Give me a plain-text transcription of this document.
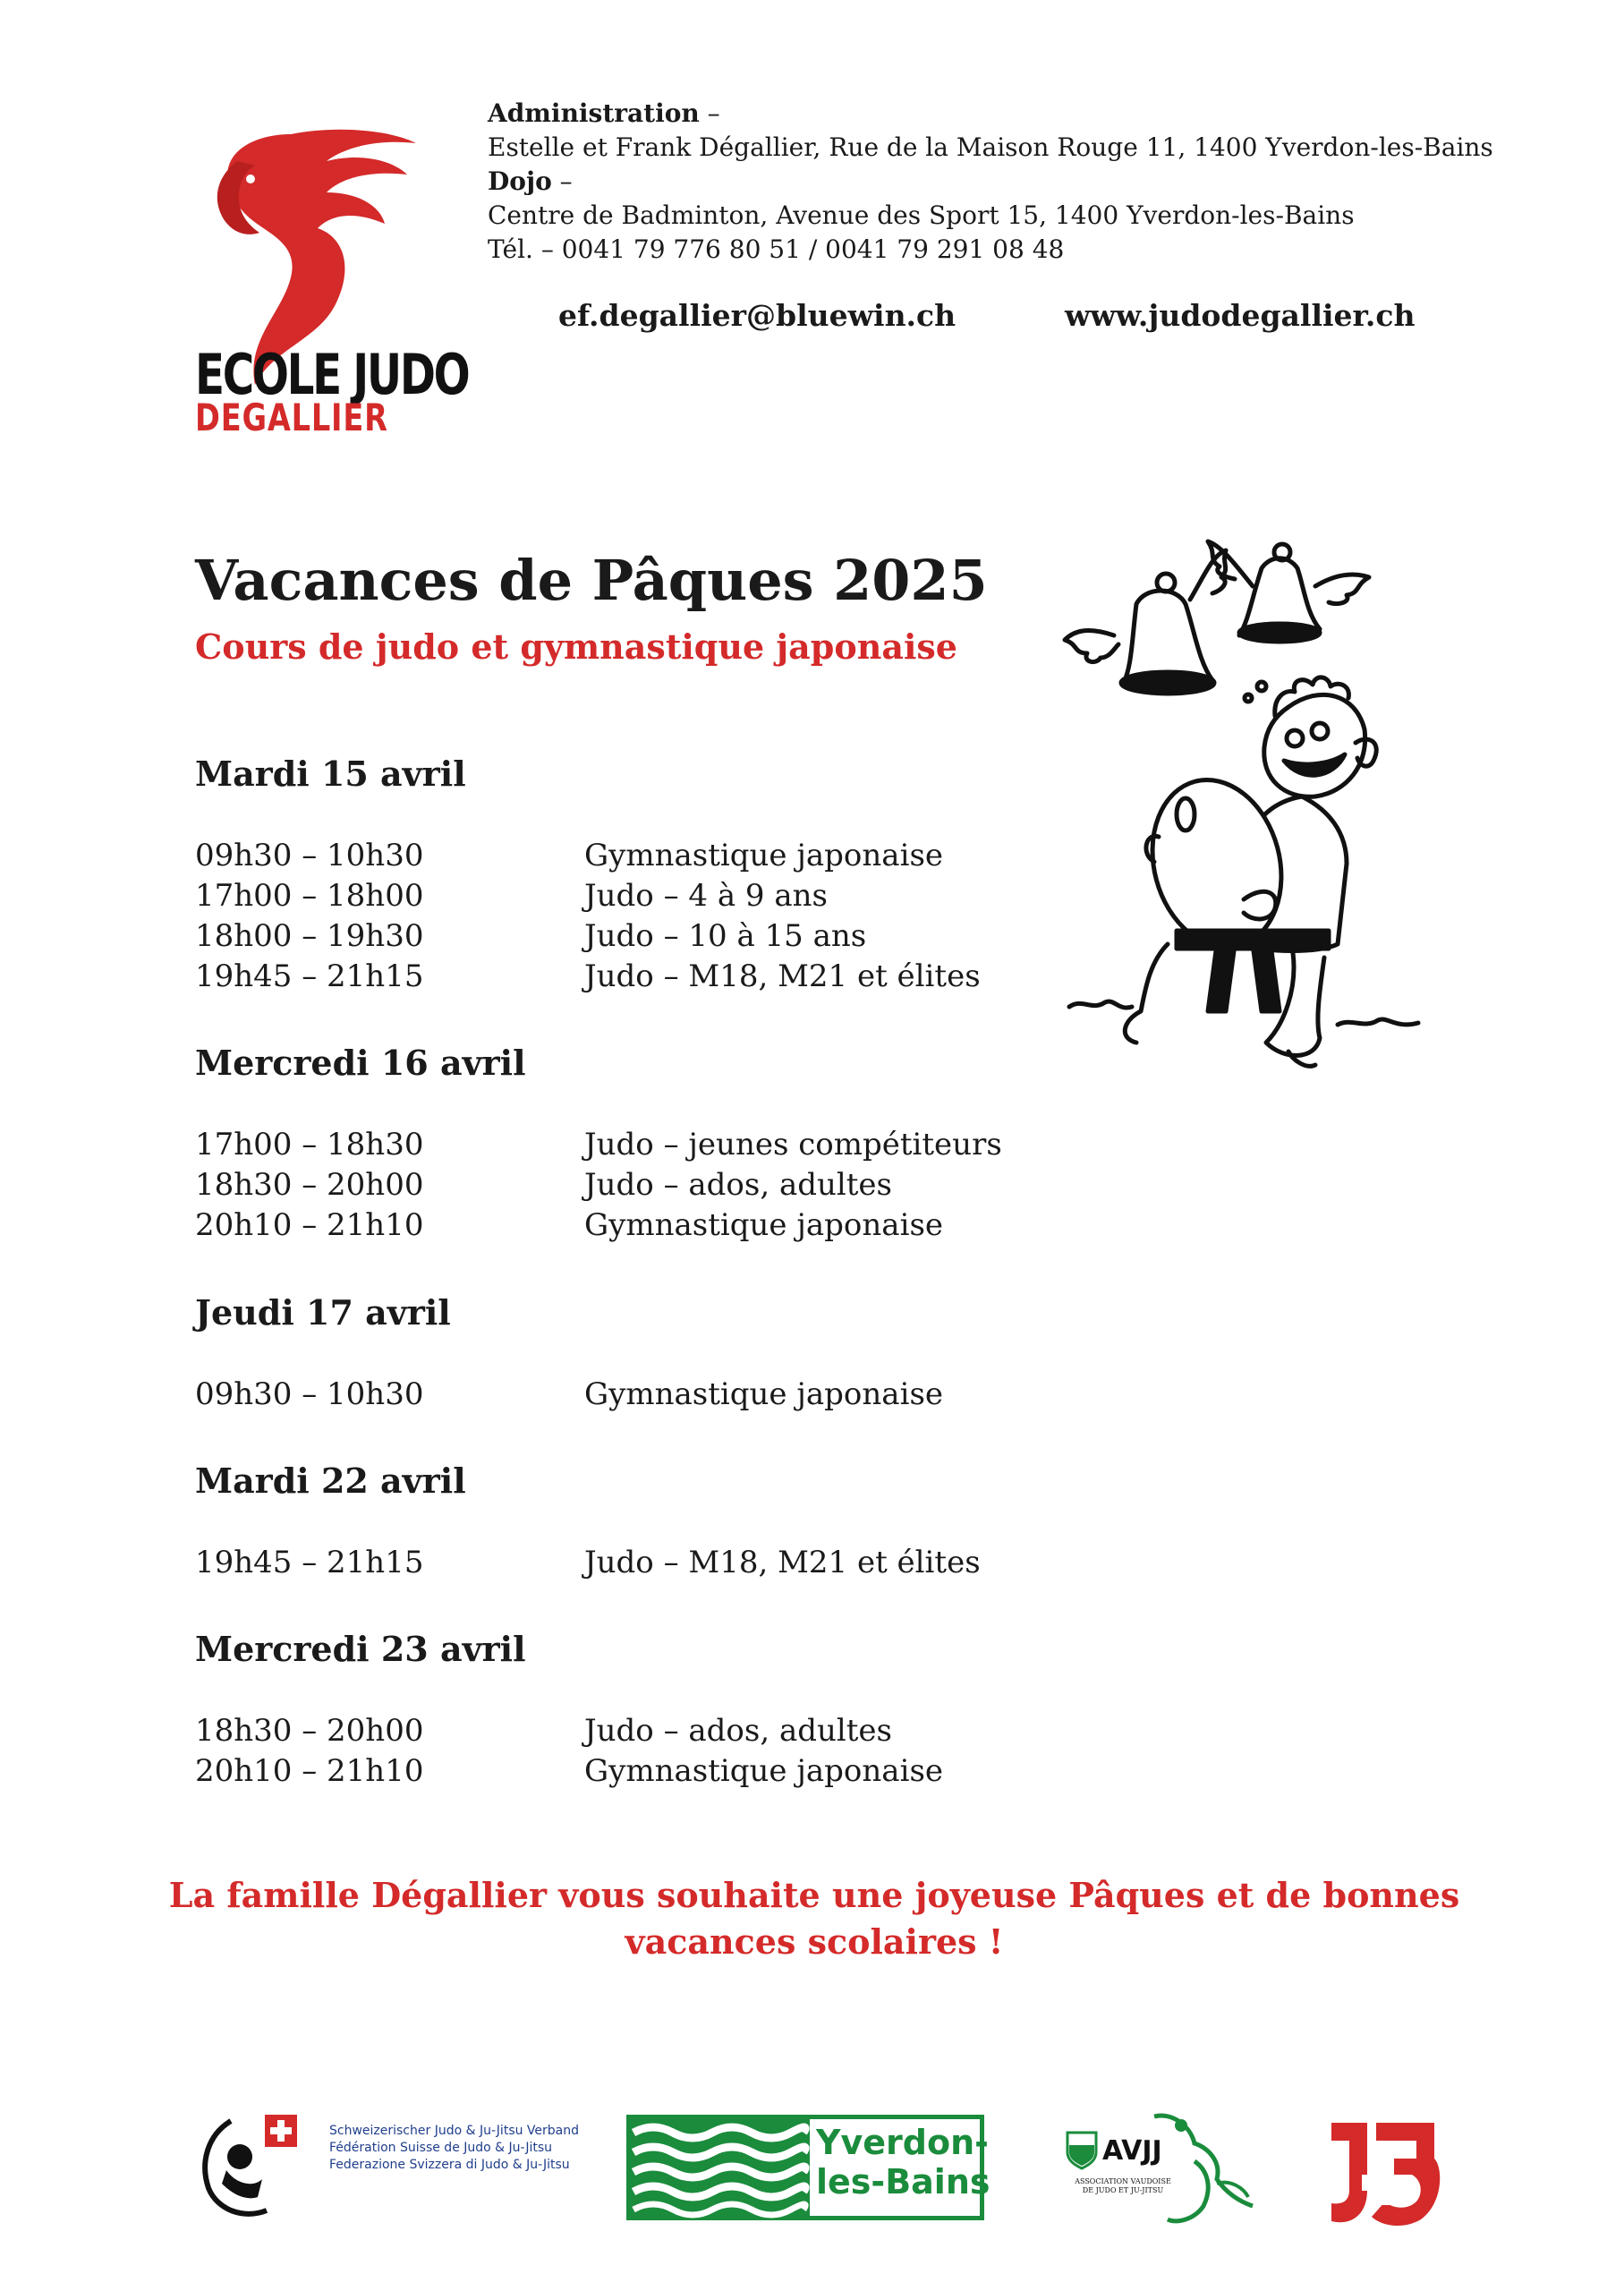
ECOLE JUDO
DEGALLIER
Administration –
Estelle et Frank Dégallier, Rue de la Maison Rouge 11, 1400 Yverdon-les-Bains
Dojo –
Centre de Badminton, Avenue des Sport 15, 1400 Yverdon-les-Bains
Tél. – 0041 79 776 80 51 / 0041 79 291 08 48
ef.degallier@bluewin.ch	www.judodegallier.ch
Vacances de Pâques 2025
Cours de judo et gymnastique japonaise
Mardi 15 avril
09h30 – 10h30	Gymnastique japonaise
17h00 – 18h00	Judo – 4 à 9 ans
18h00 – 19h30	Judo – 10 à 15 ans
19h45 – 21h15	Judo – M18, M21 et élites
Mercredi 16 avril
17h00 – 18h30	Judo – jeunes compétiteurs
18h30 – 20h00	Judo – ados, adultes
20h10 – 21h10	Gymnastique japonaise
Jeudi 17 avril
09h30 – 10h30	Gymnastique japonaise
Mardi 22 avril
19h45 – 21h15	Judo – M18, M21 et élites
Mercredi 23 avril
18h30 – 20h00	Judo – ados, adultes
20h10 – 21h10	Gymnastique japonaise
La famille Dégallier vous souhaite une joyeuse Pâques et de bonnes
vacances scolaires !
Schweizerischer Judo & Ju-Jitsu Verband
Fédération Suisse de Judo & Ju-Jitsu
Federazione Svizzera di Judo & Ju-Jitsu
Yverdon-
les-Bains
AVJJ
ASSOCIATION VAUDOISE DE JUDO ET JU-JITSU
